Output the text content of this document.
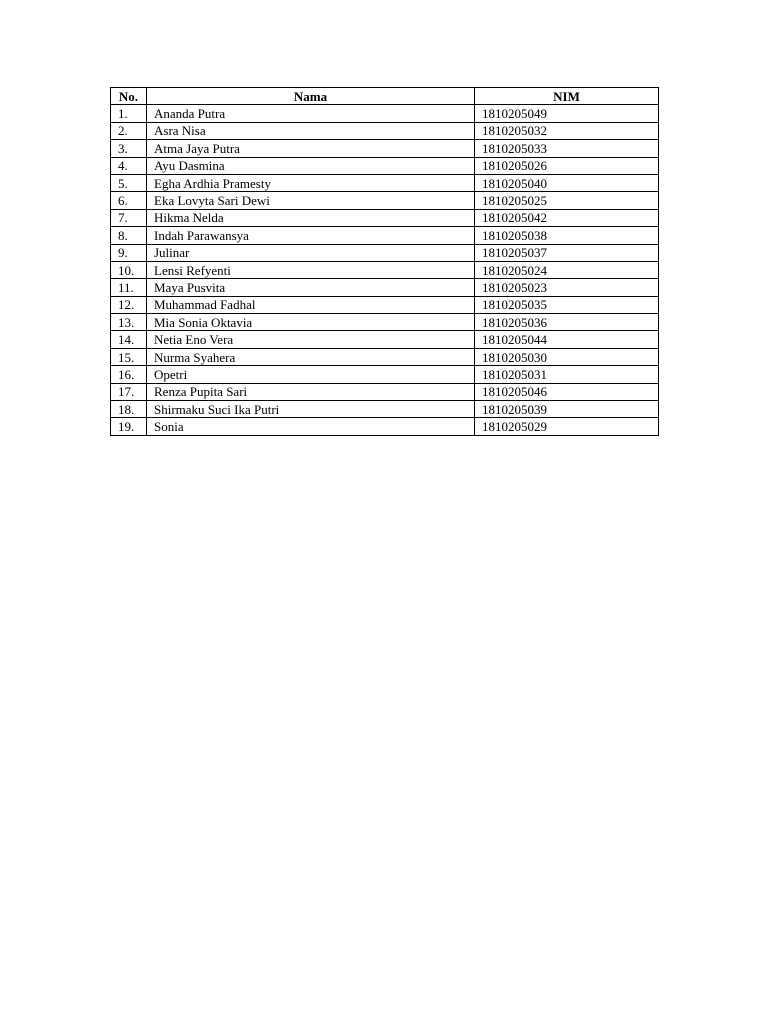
No.	Nama	NIM
1.	Ananda Putra	1810205049
2.	Asra Nisa	1810205032
3.	Atma Jaya Putra	1810205033
4.	Ayu Dasmina	1810205026
5.	Egha Ardhia Pramesty	1810205040
6.	Eka Lovyta Sari Dewi	1810205025
7.	Hikma Nelda	1810205042
8.	Indah Parawansya	1810205038
9.	Julinar	1810205037
10.	Lensi Refyenti	1810205024
11.	Maya Pusvita	1810205023
12.	Muhammad Fadhal	1810205035
13.	Mia Sonia Oktavia	1810205036
14.	Netia Eno Vera	1810205044
15.	Nurma Syahera	1810205030
16.	Opetri	1810205031
17.	Renza Pupita Sari	1810205046
18.	Shirmaku Suci Ika Putri	1810205039
19.	Sonia	1810205029
